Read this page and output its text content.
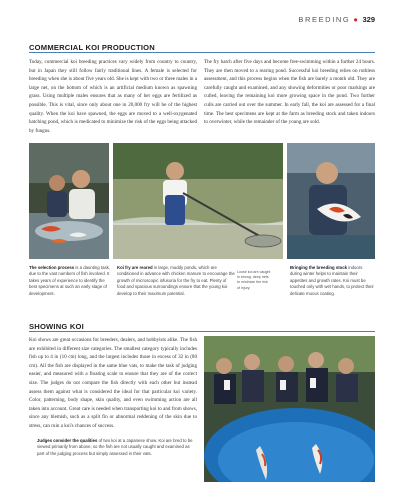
BREEDING ● 329
COMMERCIAL KOI PRODUCTION
Today, commercial koi breeding practices vary widely from country to country, but in Japan they still follow fairly traditional lines. A female is selected for breeding when she is about five years old. She is kept with two or three males in a large net, on the bottom of which is an artificial medium known as spawning grass. Using multiple males ensures that as many of her eggs are fertilized as possible. This is vital, since only about one in 20,000 fry will be of the highest quality. When the koi have spawned, the eggs are moved to a well-oxygenated hatching pond, which is medicated to minimize the risk of the eggs being attacked by fungus.
The fry hatch after five days and become free-swimming within a further 24 hours. They are then moved to a rearing pond. Successful koi breeding relies on ruthless assessment, and this process begins when the fish are barely a month old. They are carefully caught and examined, and any showing deformities or poor markings are culled, leaving the remaining koi more growing space in the pond. Two further culls are carried out over the summer. In early fall, the koi are assessed for a final time. The best specimens are kept at the farm as breeding stock and taken indoors to overwinter, while the remainder of the young are sold.
Loose koi are caught in strong, deep nets to minimize the risk of injury.
The selection process is a daunting task, due to the vast numbers of fish involved. It takes years of experience to identify the best specimens at such an early stage of development.
Koi fry are reared in large, muddy ponds, which are conditioned in advance with chicken manure to encourage the growth of microscopic infusoria for the fry to eat. Plenty of food and spacious surroundings ensure that the young koi develop to their maximum potential.
Bringing the breeding stock indoors during winter helps to maintain their appetites and growth rates. Koi must be touched only with wet hands, to protect their delicate mucus coating.
SHOWING KOI
Koi shows are great occasions for breeders, dealers, and hobbyists alike. The fish are exhibited in different size categories. The smallest category typically includes fish up to 4 in (10 cm) long, and the largest includes those in excess of 32 in (80 cm). All the fish are displayed in the same blue vats, to make the task of judging easier, and measured with a floating scale to ensure that they are of the correct size. The judges do not compare the fish directly with each other but instead assess them against what is considered the ideal for that particular koi variety. Color, patterning, body shape, skin quality, and even swimming action are all taken into account. Great care is needed when transporting koi to and from shows, since any blemish, such as a split fin or abnormal reddening of the skin due to stress, can ruin a koi's chances of success.
Judges consider the qualities of two koi at a Japanese show. Koi are bred to be viewed primarily from above, so the fish are not usually caught and examined as part of the judging process but simply assessed in their vats.
